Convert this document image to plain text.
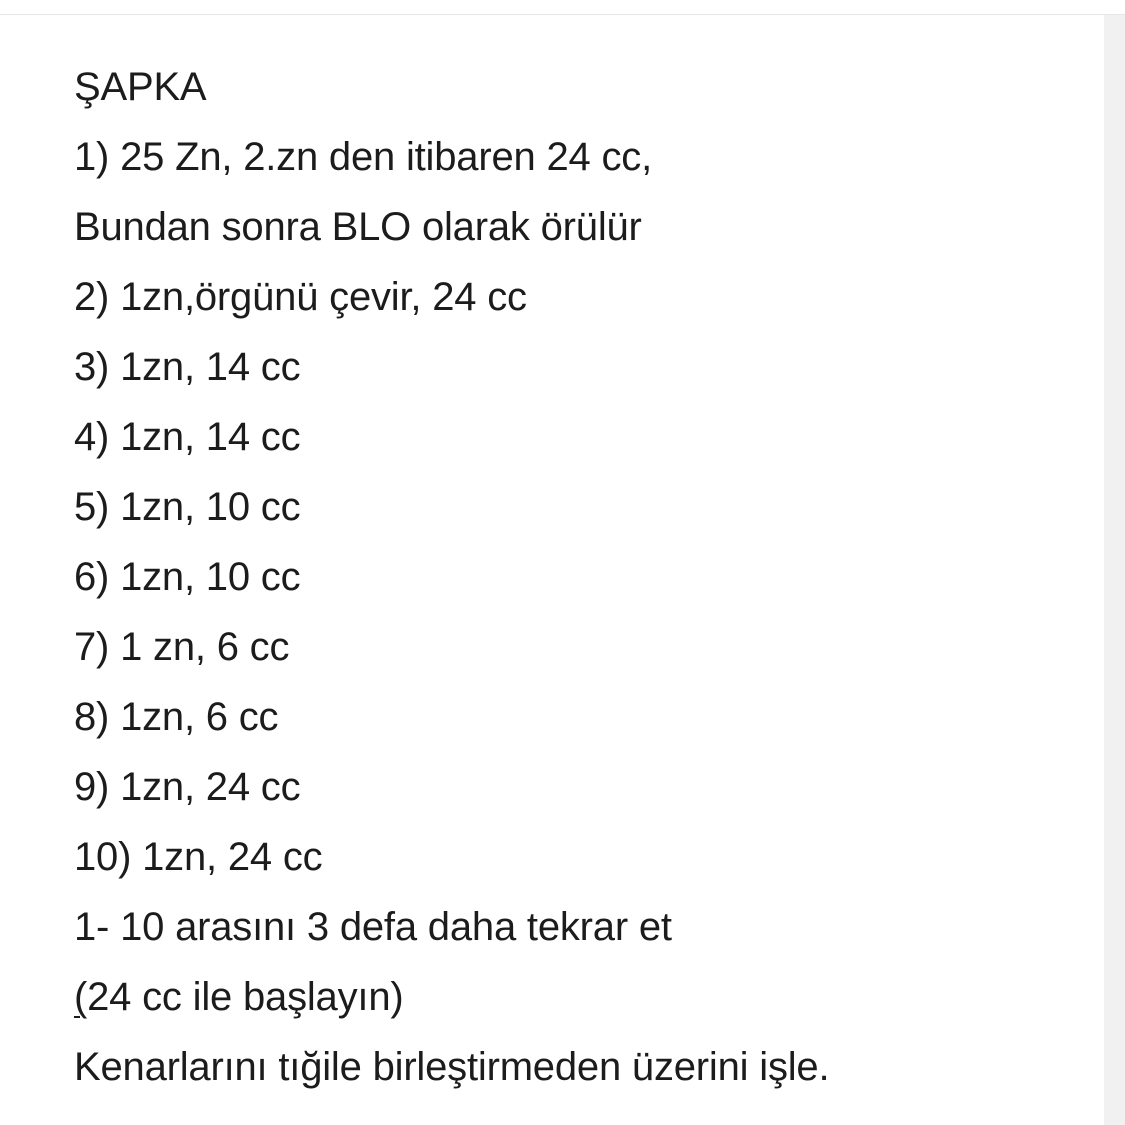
ŞAPKA
1) 25 Zn, 2.zn den itibaren 24 cc,
Bundan sonra BLO olarak örülür
2) 1zn,örgünü çevir, 24 cc
3) 1zn, 14 cc
4) 1zn, 14 cc
5) 1zn, 10 cc
6) 1zn, 10 cc
7) 1 zn, 6 cc
8) 1zn, 6 cc
9) 1zn, 24 cc
10) 1zn, 24 cc
1- 10 arasını 3 defa daha tekrar et
(24 cc ile başlayın)
Kenarlarını tığile birleştirmeden üzerini işle.
